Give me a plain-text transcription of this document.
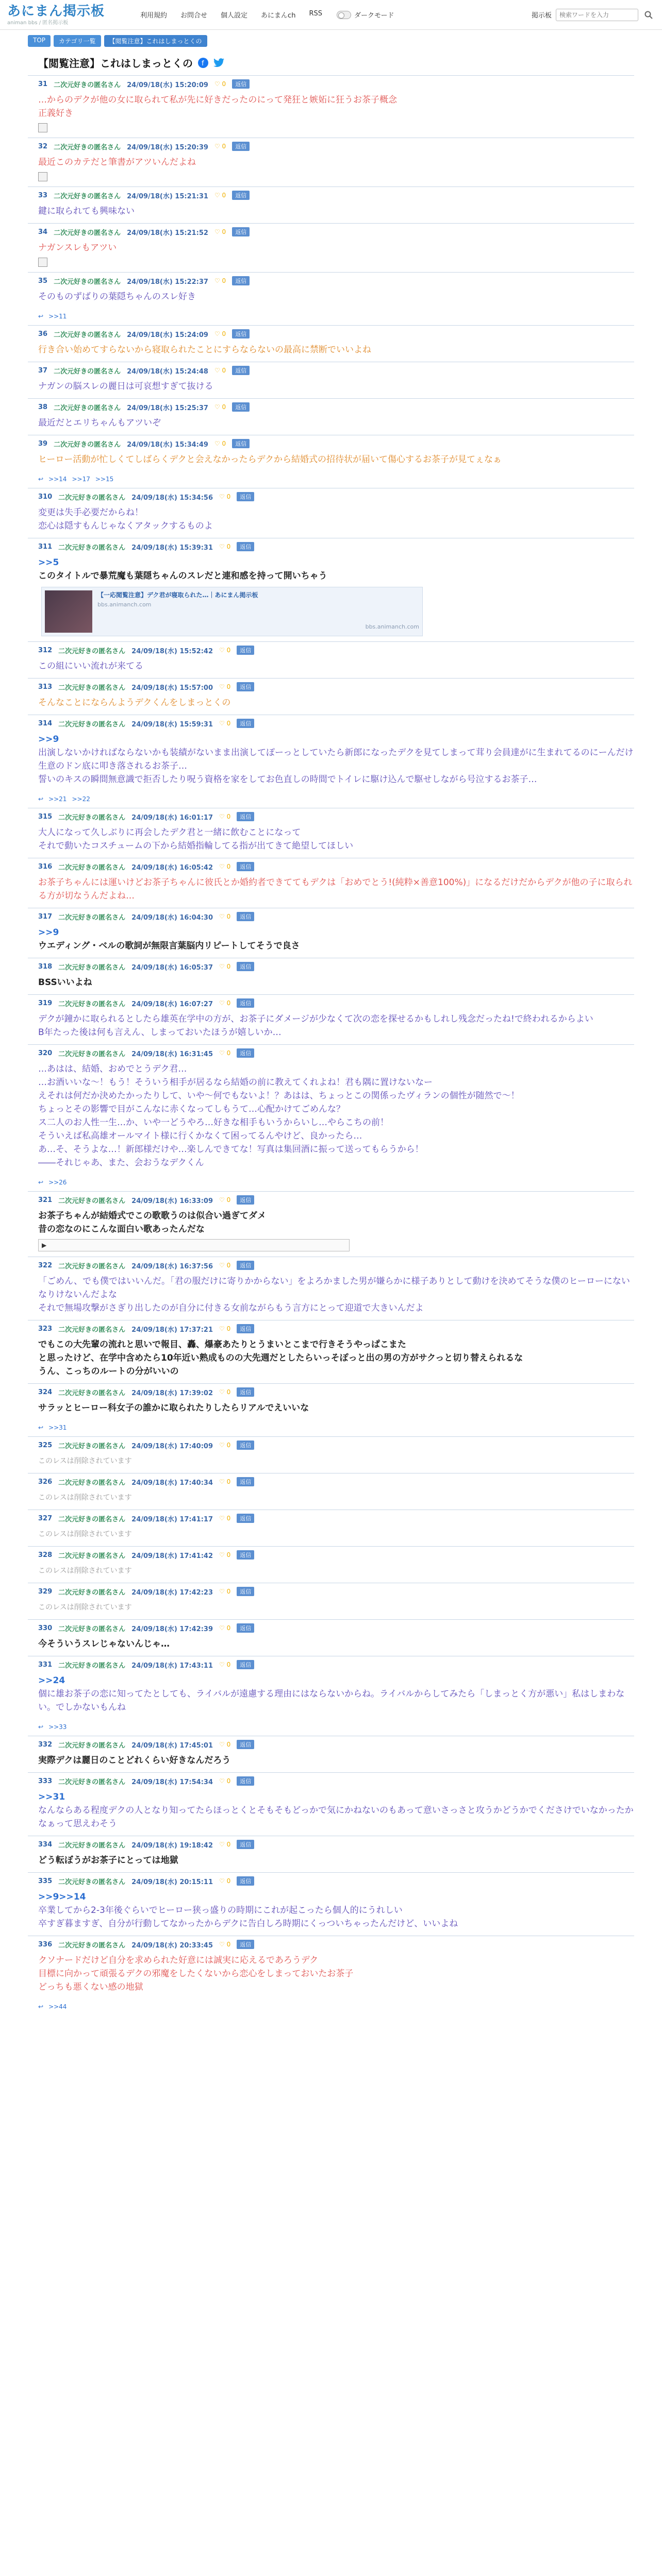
あにまん掲示板
animan bbs / 匿名掲示板
利用規約 お問合せ 個人設定 あにまんch RSS	ダークモード	掲示板
検索ワードを入力
TOP	カテゴリ一覧	【閲覧注意】これはしまっとくの
【閲覧注意】これはしまっとくの f
31 二次元好きの匿名さん 24/09/18(水) 15:20:09 ♡ 0	返信
…からのデクが他の女に取られて私が先に好きだったのにって発狂と嫉妬に狂うお茶子概念
正義好き
32 二次元好きの匿名さん 24/09/18(水) 15:20:39 ♡ 0	返信
最近このカテだと筆書がアツいんだよね
33 二次元好きの匿名さん 24/09/18(水) 15:21:31 ♡ 0	返信
鍵に取られても興味ない
34 二次元好きの匿名さん 24/09/18(水) 15:21:52 ♡ 0	返信
ナガンスレもアツい
35 二次元好きの匿名さん 24/09/18(水) 15:22:37 ♡ 0	返信
そのものずばりの葉隠ちゃんのスレ好き
↩ >>11
36 二次元好きの匿名さん 24/09/18(水) 15:24:09 ♡ 0	返信
行き合い始めてすらないから寝取られたことにすらならないの最高に禁断でいいよね
37 二次元好きの匿名さん 24/09/18(水) 15:24:48 ♡ 0	返信
ナガンの脳スレの麗日は可哀想すぎて抜ける
38 二次元好きの匿名さん 24/09/18(水) 15:25:37 ♡ 0	返信
最近だとエリちゃんもアツいぞ
39 二次元好きの匿名さん 24/09/18(水) 15:34:49 ♡ 0	返信
ヒーロー活動が忙しくてしばらくデクと会えなかったらデクから結婚式の招待状が届いて傷心するお茶子が見てぇなぁ
↩ >>14 >>17 >>15
310 二次元好きの匿名さん 24/09/18(水) 15:34:56 ♡ 0	返信
変更は失手必要だからね！
恋心は隠すもんじゃなくアタックするものよ
311 二次元好きの匿名さん 24/09/18(水) 15:39:31 ♡ 0	返信
>>5
このタイトルで暴荒魔も葉隠ちゃんのスレだと連和感を持って開いちゃう
【一応閲覧注意】デク君が寝取られた…｜あにまん掲示板
bbs.animanch.com
bbs.animanch.com
312 二次元好きの匿名さん 24/09/18(水) 15:52:42 ♡ 0	返信
この組にいい流れが来てる
313 二次元好きの匿名さん 24/09/18(水) 15:57:00 ♡ 0	返信
そんなことにならんようデクくんをしまっとくの
314 二次元好きの匿名さん 24/09/18(水) 15:59:31 ♡ 0	返信
>>9
出演しないかければならないかも装績がないまま出演してぽーっとしていたら新郎になったデクを見てしまって茸り会員達がに生まれてるのにーんだけ生意のドン底に叩き落されるお茶子…
誓いのキスの瞬間無意識で拒否したり呪う資格を家をしてお色直しの時間でトイレに駆け込んで駆せしながら号泣するお茶子…
↩ >>21 >>22
315 二次元好きの匿名さん 24/09/18(水) 16:01:17 ♡ 0	返信
大人になって久しぶりに再会したデク君と一緒に飲むことになって
それで動いたコスチュームの下から結婚指輪してる指が出てきて絶望してほしい
316 二次元好きの匿名さん 24/09/18(水) 16:05:42 ♡ 0	返信
お茶子ちゃんには運いけどお茶子ちゃんに彼氏とか婚約者できててもデクは「おめでとう!(純粋×善意100%)」になるだけだからデクが他の子に取られる方が切なうんだよね…
317 二次元好きの匿名さん 24/09/18(水) 16:04:30 ♡ 0	返信
>>9
ウエディング・ベルの歌詞が無限言葉脳内リピートしてそうで良さ
318 二次元好きの匿名さん 24/09/18(水) 16:05:37 ♡ 0	返信
BSSいいよね
319 二次元好きの匿名さん 24/09/18(水) 16:07:27 ♡ 0	返信
デクが鐘かに取られるとしたら雄英在学中の方が、お茶子にダメージが少なくて次の恋を探せるかもしれし残念だったね!で終われるからよい
B年たった後は何も言えん、しまっておいたほうが嬉しいか…
320 二次元好きの匿名さん 24/09/18(水) 16:31:45 ♡ 0	返信
…あはは、結婚、おめでとうデク君…
…お酒いいな～！もう！そういう相手が居るなら結婚の前に教えてくれよね！君も隅に置けないなー
えそれは何だか決めたかったりして、いや～何でもないよ！？あはは、ちょっとこの関係ったヴィランの個性が随然で～！
ちょっとその影響で目がこんなに赤くなってしもうて…心配かけてごめんな？
ス二人のお人性一生…か、いや一どうやろ…好きな相手もいうからいし…やらこちの前！
そういえば私高雄オールマイト様に行くかなくて困ってるんやけど、良かったら…
あ…そ、そうよな…！新郎様だけや…楽しんできてな！写真は集回酒に振って送ってもらうから！
――それじゃあ、また、会おうなデクくん
↩ >>26
321 二次元好きの匿名さん 24/09/18(水) 16:33:09 ♡ 0	返信
お茶子ちゃんが結婚式でこの歌歌うのは似合い過ぎてダメ
昔の恋なのにこんな面白い歌あったんだな
▶
322 二次元好きの匿名さん 24/09/18(水) 16:37:56 ♡ 0	返信
「ごめん、でも僕ではいいんだ。「君の服だけに寄りかからない」をよろかました男が嫌らかに様子ありとして動けを決めてそうな僕のヒーローにないなりけないんだよな
それで無場攻撃がさぎり出したのが自分に付きる女前ながらもう言方にとって迎道で大きいんだよ
323 二次元好きの匿名さん 24/09/18(水) 17:37:21 ♡ 0	返信
でもこの大先輩の流れと思いで報目、轟、爆豪あたりとうまいとこまで行きそうやっぱこまた
と思ったけど、在学中含めたら10年近い熟成ものの大先週だとしたらいっそぽっと出の男の方がサクっと切り替えられるな
うん、こっちのルートの分がいいの
324 二次元好きの匿名さん 24/09/18(水) 17:39:02 ♡ 0	返信
サラッとヒーロー科女子の誰かに取られたりしたらリアルでえいいな
↩ >>31
325 二次元好きの匿名さん 24/09/18(水) 17:40:09 ♡ 0	返信
このレスは削除されています
326 二次元好きの匿名さん 24/09/18(水) 17:40:34 ♡ 0	返信
このレスは削除されています
327 二次元好きの匿名さん 24/09/18(水) 17:41:17 ♡ 0	返信
このレスは削除されています
328 二次元好きの匿名さん 24/09/18(水) 17:41:42 ♡ 0	返信
このレスは削除されています
329 二次元好きの匿名さん 24/09/18(水) 17:42:23 ♡ 0	返信
このレスは削除されています
330 二次元好きの匿名さん 24/09/18(水) 17:42:39 ♡ 0	返信
今そういうスレじゃないんじゃ…
331 二次元好きの匿名さん 24/09/18(水) 17:43:11 ♡ 0	返信
>>24
個に雄お茶子の恋に知ってたとしても、ライバルが遠慮する理由にはならないからね。ライバルからしてみたら「しまっとく方が悪い」私はしまわない。でしかないもんね
↩ >>33
332 二次元好きの匿名さん 24/09/18(水) 17:45:01 ♡ 0	返信
実際デクは麗日のことどれくらい好きなんだろう
333 二次元好きの匿名さん 24/09/18(水) 17:54:34 ♡ 0	返信
>>31
なんならある程度デクの人となり知ってたらほっとくとそもそもどっかで気にかねないのもあって意いさっさと攻うかどうかでくださけでいなかったかなぁって思えわそう
334 二次元好きの匿名さん 24/09/18(水) 19:18:42 ♡ 0	返信
どう転ぼうがお茶子にとっては地獄
335 二次元好きの匿名さん 24/09/18(水) 20:15:11 ♡ 0	返信
>>9>>14
卒業してから2-3年後ぐらいでヒーロー狭っ盛りの時期にこれが起こったら個人的にうれしい
卒すぎ暮ますぎ、自分が行動してなかったからデクに告白しろ時期にくっついちゃったんだけど、いいよね
336 二次元好きの匿名さん 24/09/18(水) 20:33:45 ♡ 0	返信
クソナードだけど自分を求められた好意には誠実に応えるであろうデク
目標に向かって頑張るデクの邪魔をしたくないから恋心をしまっておいたお茶子
どっちも悪くない感の地獄
↩ >>44
